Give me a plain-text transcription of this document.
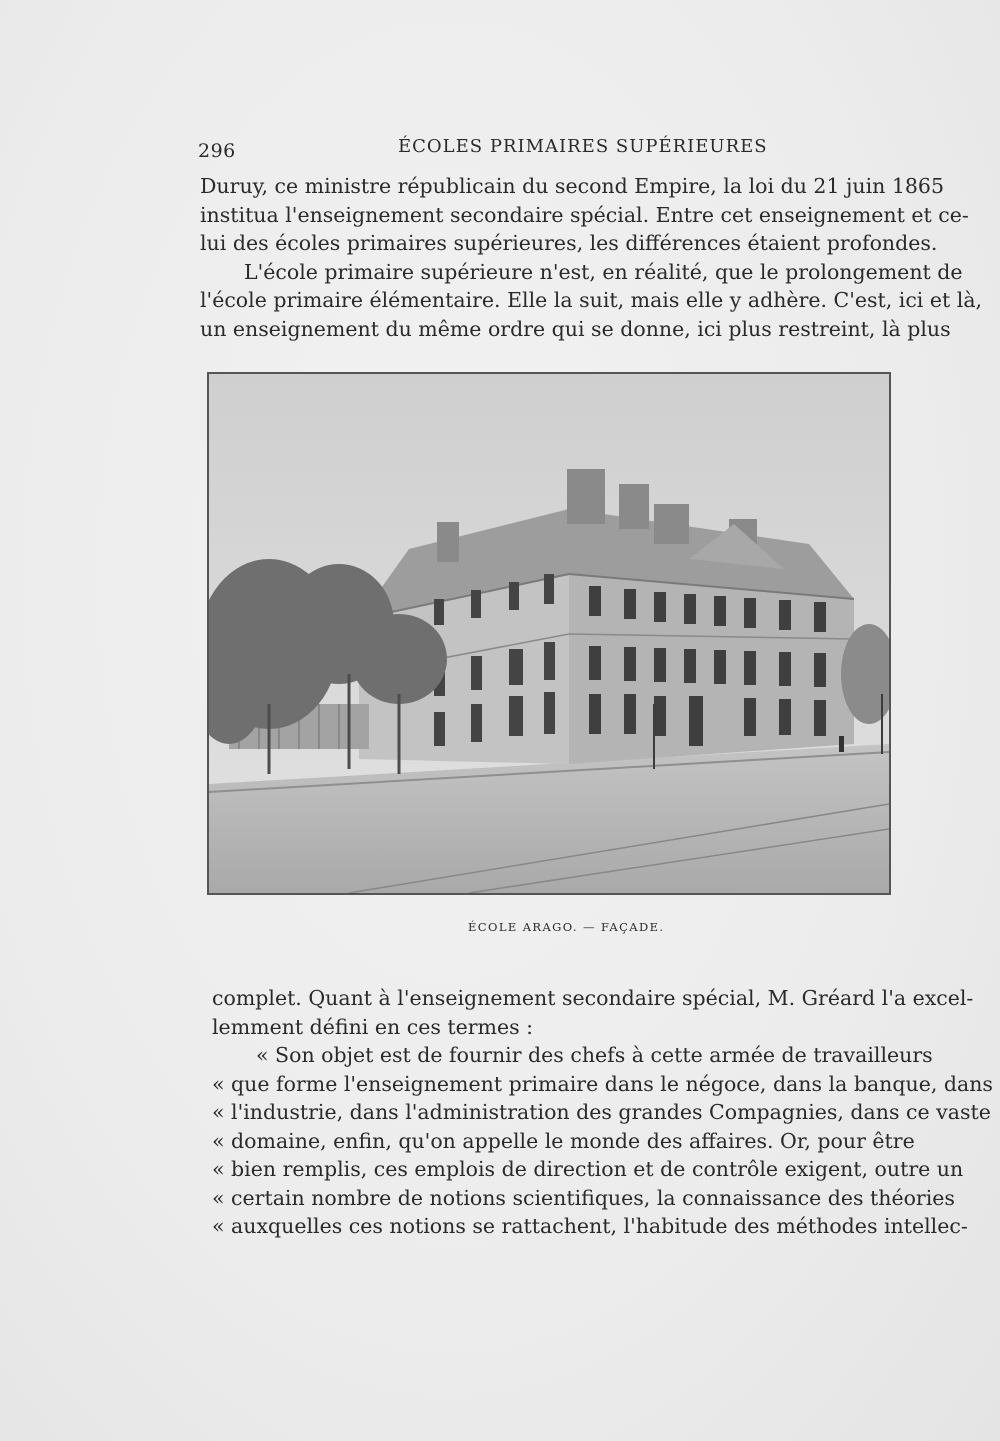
296	ÉCOLES PRIMAIRES SUPÉRIEURES
Duruy, ce ministre républicain du second Empire, la loi du 21 juin 1865
institua l'enseignement secondaire spécial. Entre cet enseignement et ce-
lui des écoles primaires supérieures, les différences étaient profondes.
L'école primaire supérieure n'est, en réalité, que le prolongement de
l'école primaire élémentaire. Elle la suit, mais elle y adhère. C'est, ici et là,
un enseignement du même ordre qui se donne, ici plus restreint, là plus
ÉCOLE ARAGO. — FAÇADE.
complet. Quant à l'enseignement secondaire spécial, M. Gréard l'a excel-
lemment défini en ces termes :
« Son objet est de fournir des chefs à cette armée de travailleurs
« que forme l'enseignement primaire dans le négoce, dans la banque, dans
« l'industrie, dans l'administration des grandes Compagnies, dans ce vaste
« domaine, enfin, qu'on appelle le monde des affaires. Or, pour être
« bien remplis, ces emplois de direction et de contrôle exigent, outre un
« certain nombre de notions scientifiques, la connaissance des théories
« auxquelles ces notions se rattachent, l'habitude des méthodes intellec-
